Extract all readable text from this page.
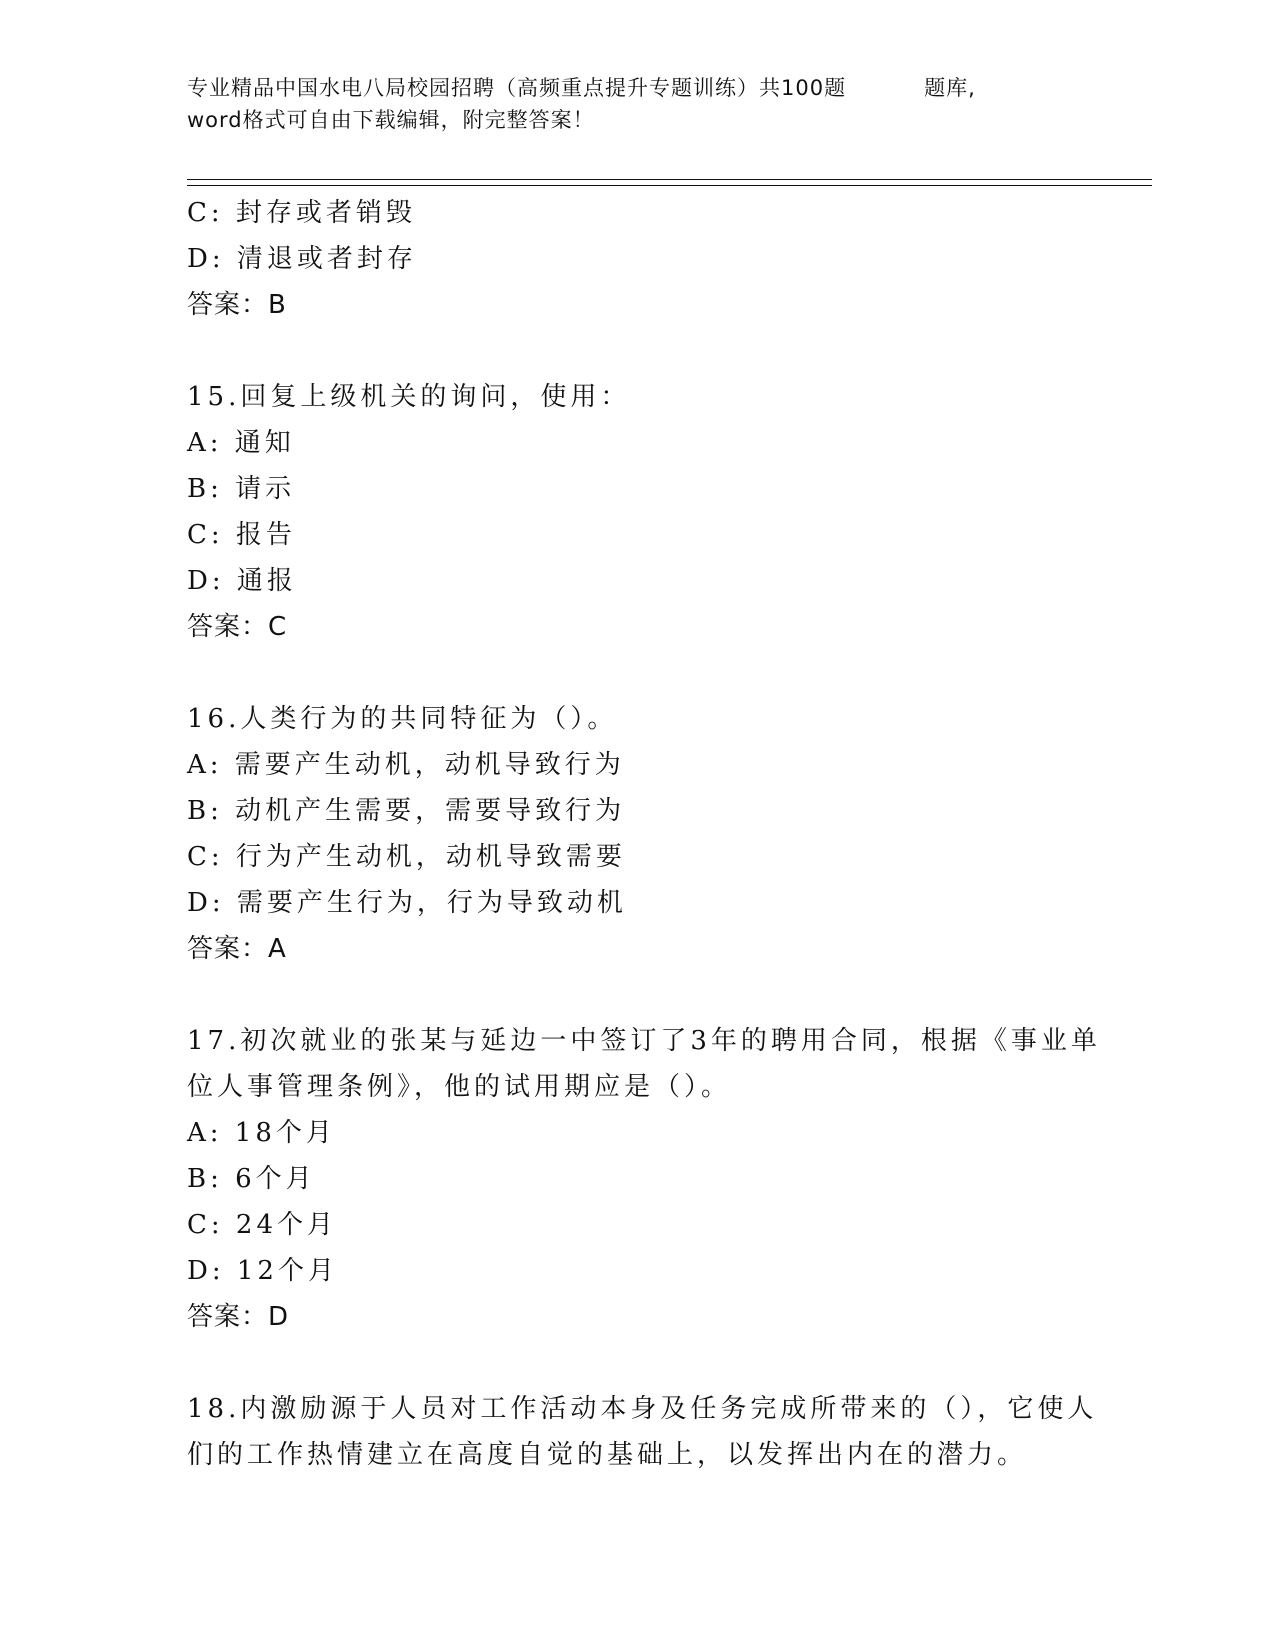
专业精品中国水电八局校园招聘（高频重点提升专题训练）共100题	题库,
word格式可自由下载编辑，附完整答案！
C: 封存或者销毁
D: 清退或者封存
答案：B
15.回复上级机关的询问，使用：
A: 通知
B: 请示
C: 报告
D: 通报
答案：C
16.人类行为的共同特征为（）。
A: 需要产生动机，动机导致行为
B: 动机产生需要，需要导致行为
C: 行为产生动机，动机导致需要
D: 需要产生行为，行为导致动机
答案：A
17.初次就业的张某与延边一中签订了3年的聘用合同，根据《事业单
位人事管理条例》，他的试用期应是（）。
A: 18个月
B: 6个月
C: 24个月
D: 12个月
答案：D
18.内激励源于人员对工作活动本身及任务完成所带来的（），它使人
们的工作热情建立在高度自觉的基础上，以发挥出内在的潜力。
